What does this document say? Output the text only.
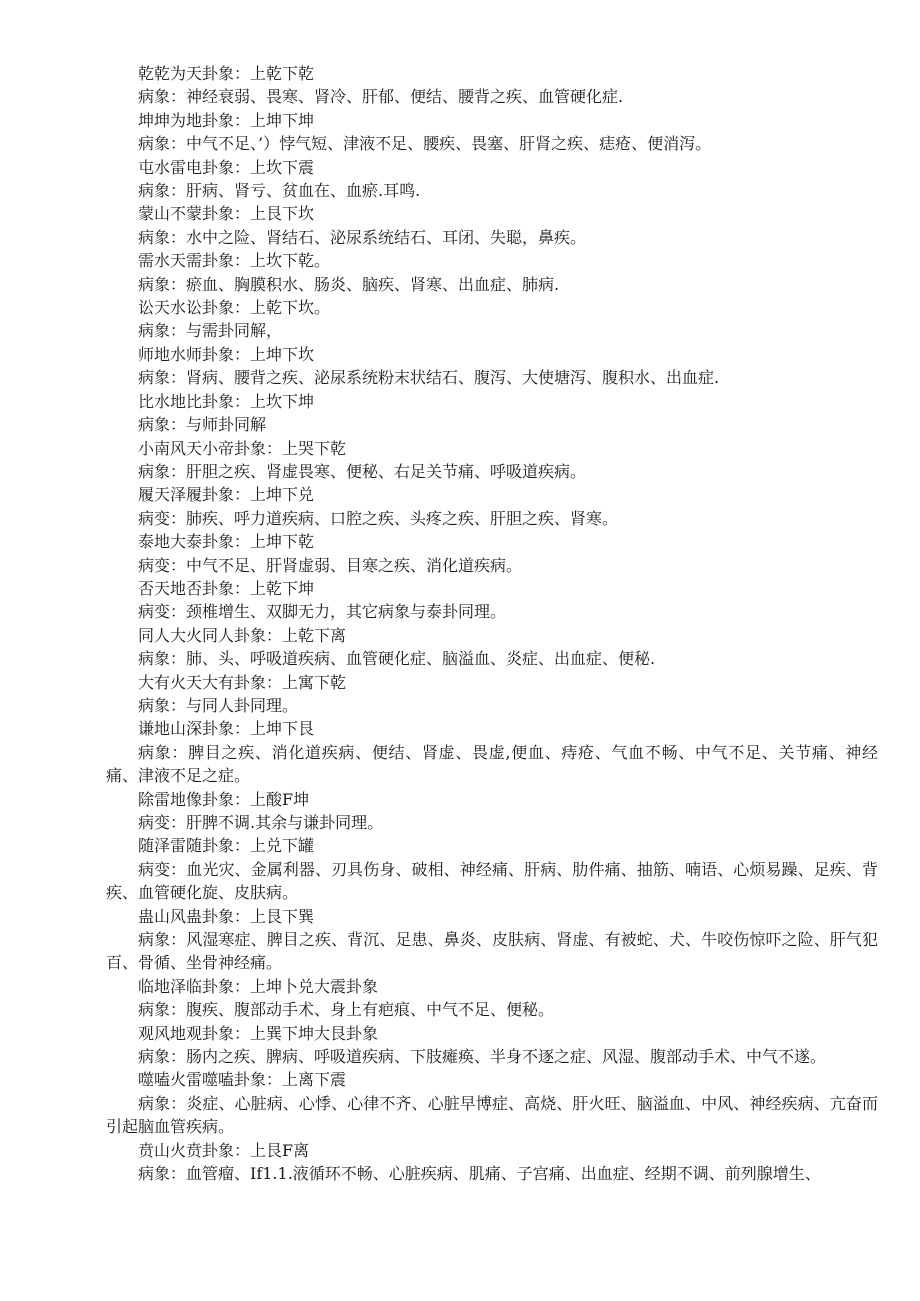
乾乾为天卦象：上乾下乾

病象：神经衰弱、畏寒、肾冷、肝郁、便结、腰背之疾、血管硬化症.

坤坤为地卦象：上坤下坤

病象：中气不足、’）悖气短、津液不足、腰疾、畏塞、肝肾之疾、痣疮、便消泻。

屯水雷电卦象：上坎下震

病象：肝病、肾亏、贫血在、血瘀.耳鸣.

蒙山不蒙卦象：上艮下坎

病象：水中之险、肾结石、泌尿系统结石、耳闭、失聪，鼻疾。

需水天需卦象：上坎下乾。

病象：瘀血、胸膜积水、肠炎、脑疾、肾寒、出血症、肺病.

讼天水讼卦象：上乾下坎。

病象：与需卦同解，

师地水师卦象：上坤下坎

病象：肾病、腰背之疾、泌尿系统粉末状结石、腹泻、大使塘泻、腹积水、出血症.

比水地比卦象：上坎下坤

病象：与师卦同解

小南风天小帝卦象：上哭下乾

病象：肝胆之疾、肾虚畏寒、便秘、右足关节痛、呼吸道疾病。

履天泽履卦象：上坤下兑

病变：肺疾、呼力道疾病、口腔之疾、头疼之疾、肝胆之疾、肾寒。

泰地大泰卦象：上坤下乾

病变：中气不足、肝肾虚弱、目寒之疾、消化道疾病。

否天地否卦象：上乾下坤

病变：颈椎增生、双脚无力，其它病象与泰卦同理。

同人大火同人卦象：上乾下离

病象：肺、头、呼吸道疾病、血管硬化症、脑溢血、炎症、出血症、便秘.

大有火天大有卦象：上寓下乾

病象：与同人卦同理。

谦地山深卦象：上坤下艮

病象：脾目之疾、消化道疾病、便结、肾虚、畏虚,便血、痔疮、气血不畅、中气不足、关节痛、神经痛、津液不足之症。

除雷地像卦象：上酸F坤

病变：肝脾不调.其余与谦卦同理。

随泽雷随卦象：上兑下罐

病变：血光灾、金属利器、刃具伤身、破相、神经痛、肝病、肋件痛、抽筋、喃语、心烦易躁、足疾、背疾、血管硬化旋、皮肤病。

蛊山风蛊卦象：上艮下巽

病象：风湿寒症、脾目之疾、背沉、足患、鼻炎、皮肤病、肾虚、有被蛇、犬、牛咬伤惊吓之险、肝气犯百、骨循、坐骨神经痛。

临地泽临卦象：上坤卜兑大震卦象

病象：腹疾、腹部动手术、身上有疤痕、中气不足、便秘。

观风地观卦象：上巽下坤大艮卦象

病象：肠内之疾、脾病、呼吸道疾病、下肢瘫痪、半身不逐之症、风湿、腹部动手术、中气不遂。

噬嗑火雷噬嗑卦象：上离下震

病象：炎症、心脏病、心悸、心律不齐、心脏早博症、高烧、肝火旺、脑溢血、中风、神经疾病、亢奋而引起脑血管疾病。

贲山火贲卦象：上艮F离

病象：血管瘤、If1.1.液循环不畅、心脏疾病、肌痛、子宫痛、出血症、经期不调、前列腺增生、
